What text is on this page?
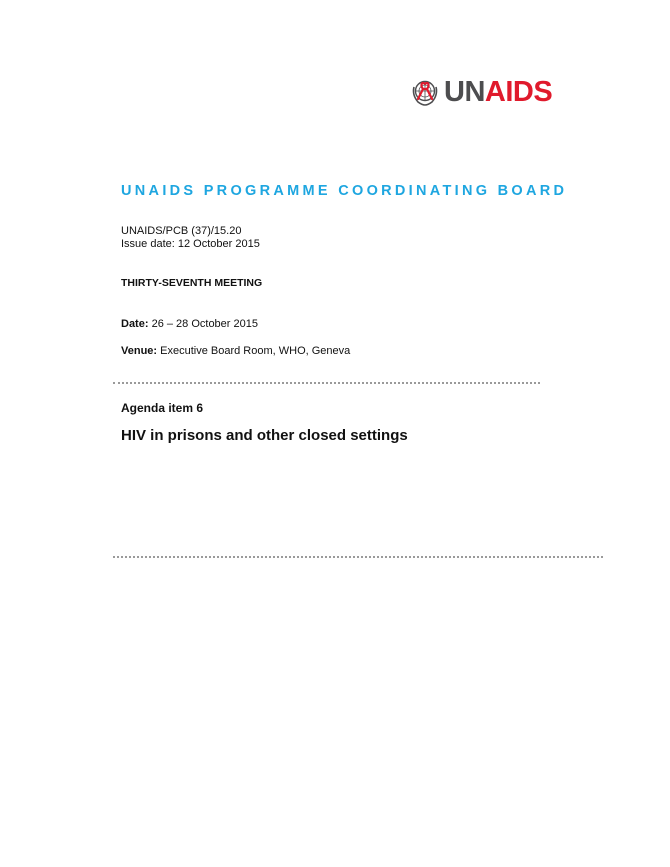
UNAIDS
UNAIDS PROGRAMME COORDINATING BOARD
UNAIDS/PCB (37)/15.20
Issue date: 12 October 2015
THIRTY-SEVENTH MEETING
Date: 26 – 28 October 2015
Venue: Executive Board Room, WHO, Geneva
Agenda item 6
HIV in prisons and other closed settings
